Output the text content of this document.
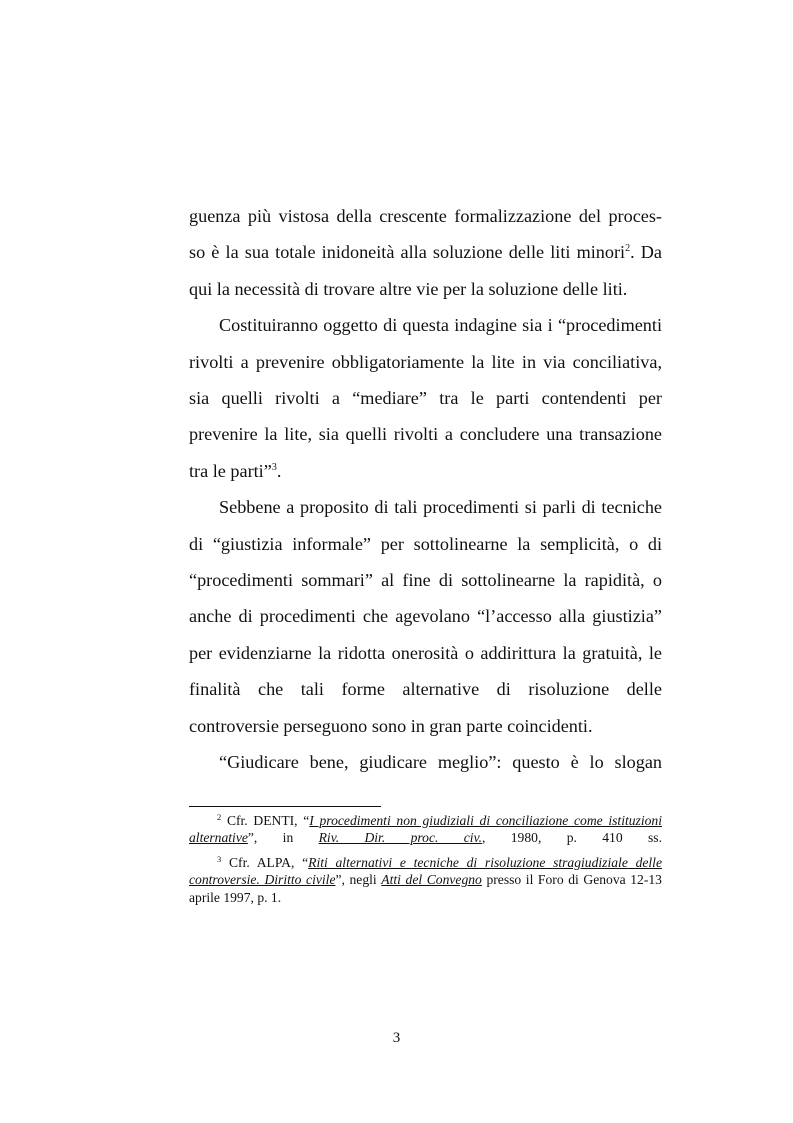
guenza più vistosa della crescente formalizzazione del proces-

so è la sua totale inidoneità alla soluzione delle liti minori$^2$. Da

qui la necessità di trovare altre vie per la soluzione delle liti.

Costituiranno oggetto di questa indagine sia i “procedimenti rivolti a prevenire obbligatoriamente la lite in via conciliativa, sia quelli rivolti a “mediare” tra le parti contendenti per prevenire la lite, sia quelli rivolti a concludere una transazione tra le parti”$^3$.

Sebbene a proposito di tali procedimenti si parli di tecniche di “giustizia informale” per sottolinearne la semplicità, o di “procedimenti sommari” al fine di sottolinearne la rapidità, o anche di procedimenti che agevolano “l’accesso alla giustizia” per evidenziarne la ridotta onerosità o addirittura la gratuità, le finalità che tali forme alternative di risoluzione delle controversie perseguono sono in gran parte coincidenti.

“Giudicare bene, giudicare meglio”: questo è lo slogan

$^2$ Cfr. DENTI, “I procedimenti non giudiziali di conciliazione come istituzioni alternative”, in Riv. Dir. proc. civ., 1980, p. 410 ss.

$^3$ Cfr. ALPA, “Riti alternativi e tecniche di risoluzione stragiudiziale delle controversie. Diritto civile”, negli Atti del Convegno presso il Foro di Genova 12-13 aprile 1997, p. 1.

3
